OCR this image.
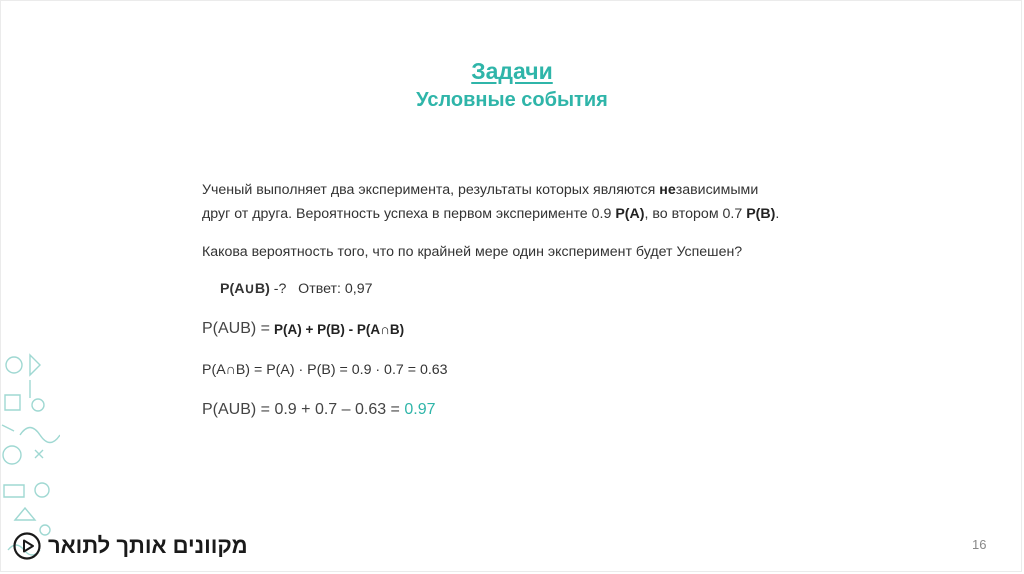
Задачи
Условные события
Ученый выполняет два эксперимента, результаты которых являются независимыми
друг от друга. Вероятность успеха в первом эксперименте 0.9 P(A), во втором 0.7 P(B).
Какова вероятность того, что по крайней мере один эксперимент будет Успешен?
P(A∪B) -?   Ответ: 0,97
P(AUB) = P(A) + P(B) - P(A∩B)
P(A∩B) = P(A) · P(B) = 0.9 · 0.7 = 0.63
P(AUB) = 0.9 + 0.7 – 0.63 = 0.97
16
מקוונים אותך לתואר
